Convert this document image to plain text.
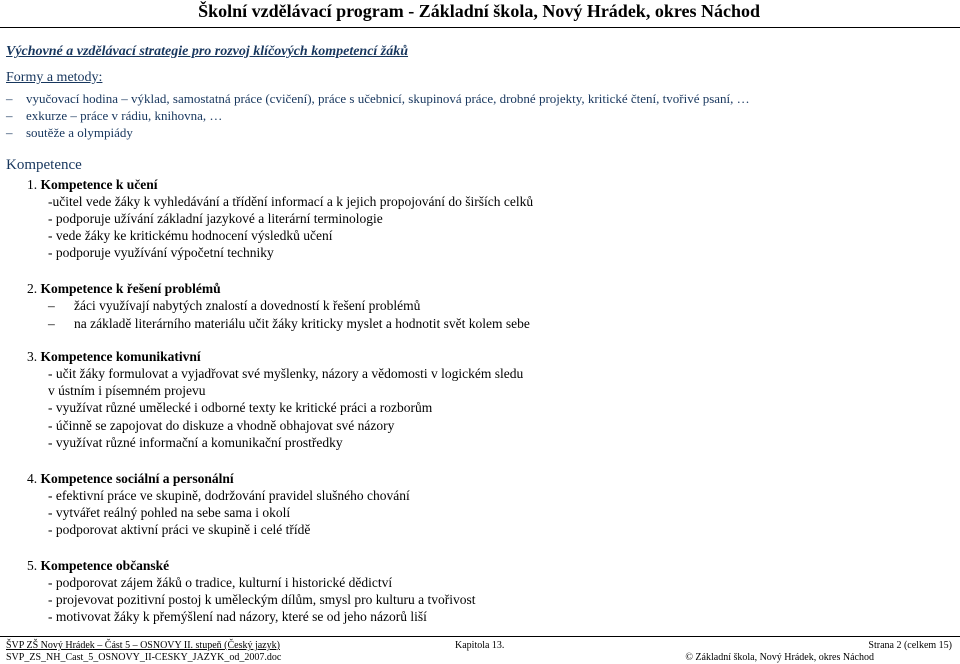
Školní vzdělávací program - Základní škola, Nový Hrádek, okres Náchod
Výchovné a vzdělávací strategie pro rozvoj klíčových kompetencí žáků
Formy a metody:
– vyučovací hodina – výklad, samostatná práce (cvičení), práce s učebnicí, skupinová práce, drobné projekty, kritické čtení, tvořivé psaní, …
– exkurze – práce v rádiu, knihovna, …
– soutěže a olympiády
Kompetence
1. Kompetence k učení
-učitel vede žáky k vyhledávání a třídění informací a k jejich propojování do širších celků
- podporuje užívání základní jazykové a literární terminologie
- vede žáky ke kritickému hodnocení výsledků učení
- podporuje využívání výpočetní techniky
2. Kompetence k řešení problémů
– žáci využívají nabytých znalostí a dovedností k řešení problémů
– na základě literárního materiálu učit žáky kriticky myslet a hodnotit svět kolem sebe
3. Kompetence komunikativní
- učit žáky formulovat a vyjadřovat své myšlenky, názory a vědomosti v logickém sledu
v ústním i písemném projevu
- využívat různé umělecké i odborné texty ke kritické práci a rozborům
- účinně se zapojovat do diskuze a vhodně obhajovat své názory
- využívat různé informační a komunikační prostředky
4. Kompetence sociální a personální
- efektivní práce ve skupině, dodržování pravidel slušného chování
- vytvářet reálný pohled na sebe sama i okolí
- podporovat aktivní práci ve skupině i celé třídě
5. Kompetence občanské
- podporovat zájem žáků o tradice, kulturní i historické dědictví
- projevovat pozitivní postoj k uměleckým dílům, smysl pro kulturu a tvořivost
- motivovat žáky k přemýšlení nad názory, které se od jeho názorů liší
ŠVP ZŠ Nový Hrádek – Část 5 – OSNOVY II. stupeň (Český jazyk)	Kapitola 13.	Strana 2 (celkem 15)
SVP_ZS_NH_Cast_5_OSNOVY_II-CESKY_JAZYK_od_2007.doc	© Základní škola, Nový Hrádek, okres Náchod
